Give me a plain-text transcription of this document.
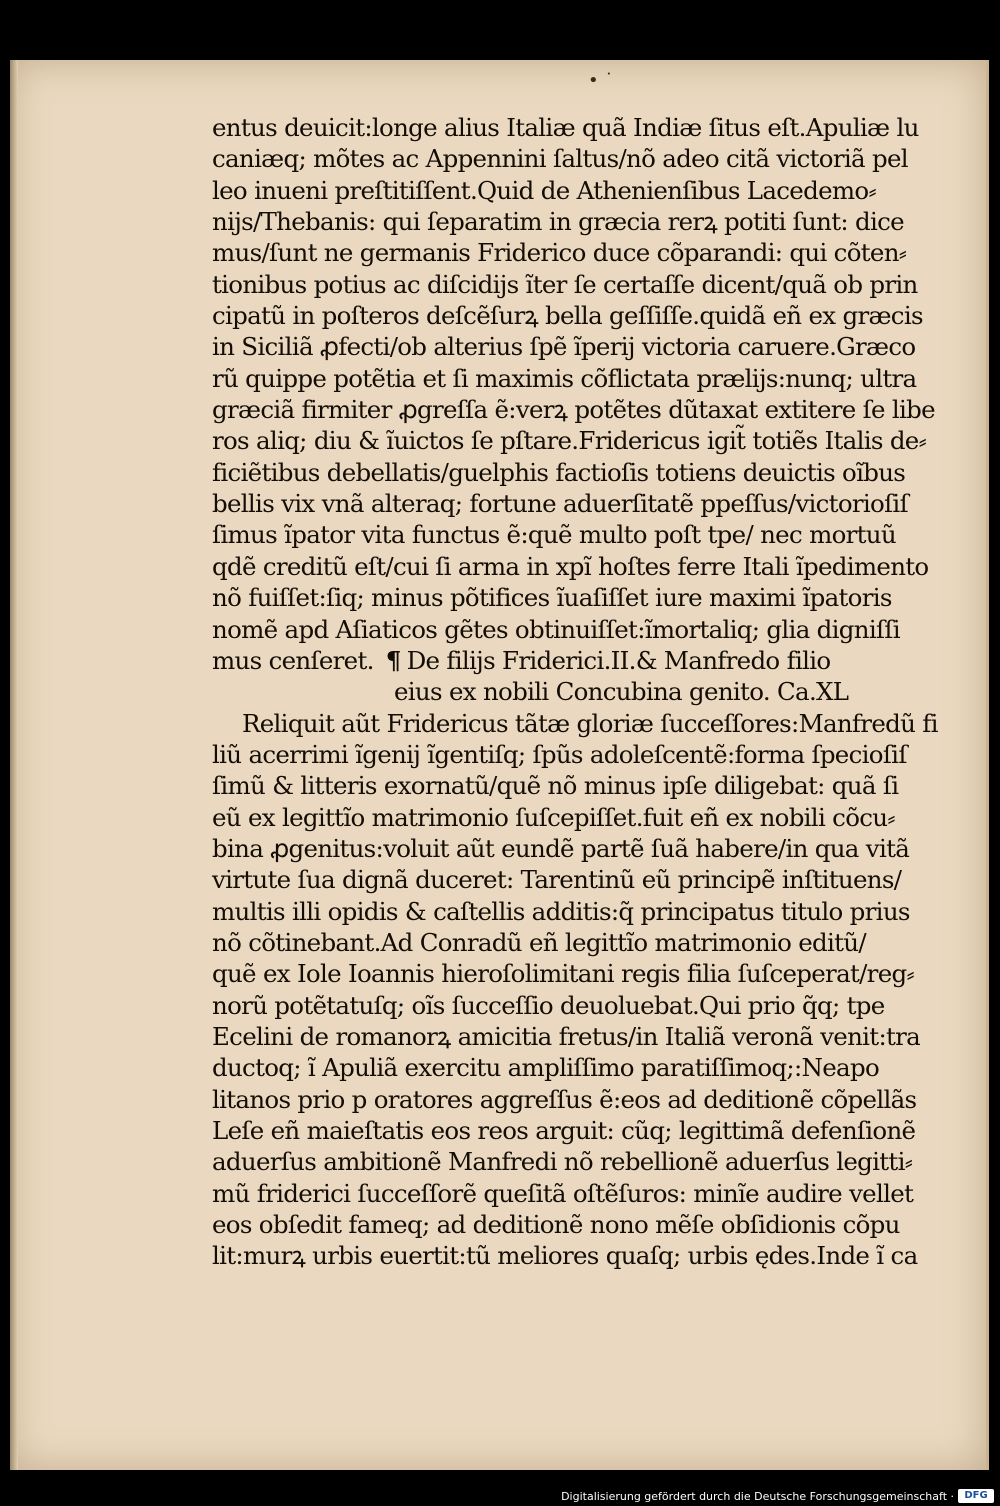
• ˙
entus deuicit:longe alius Italiæ quã Indiæ ſitus eſt.Apuliæ lu
caniæq; mõtes ac Appennini ſaltus/nõ adeo citã victoriã pel
leo inueni preſtitiſſent.Quid de Athenienſibus Lacedemo⸗
nijs/Thebanis: qui ſeparatim in græcia rerꝝ potiti ſunt: dice
mus/ſunt ne germanis Friderico duce cõparandi: qui cõten⸗
tionibus potius ac diſcidijs ĩter ſe certaſſe dicent/quã ob prin
cipatũ in poſteros deſcẽſurꝝ bella geſſiſſe.quidã eñ ex græcis
in Siciliã ꝓfecti/ob alterius ſpẽ ĩperij victoria caruere.Græco
rũ quippe potẽtia et ſi maximis cõflictata prælijs:nunq; ultra
græciã firmiter ꝓgreſſa ẽ:verꝝ potẽtes dũtaxat extitere ſe libe
ros aliq; diu & ĩuictos ſe pſtare.Fridericus igit̃ totiẽs Italis de⸗
ficiẽtibus debellatis/guelphis factioſis totiens deuictis oĩbus
bellis vix vnã alteraq; fortune aduerſitatẽ ppeſſus/victorioſiſ
ſimus ĩpator vita functus ẽ:quẽ multo poſt tpe/ nec mortuũ
qdẽ creditũ eſt/cui ſi arma in xpĩ hoſtes ferre Itali ĩpedimento
nõ fuiſſet:ſiq; minus põtifices ĩuaſiſſet iure maximi ĩpatoris
nomẽ apd Aſiaticos gẽtes obtinuiſſet:ĩmortaliq; glia digniſſi
mus cenſeret. ¶ De filijs Friderici.II.& Manfredo filio
eius ex nobili Concubina genito. Ca.XL
Reliquit aũt Fridericus tãtæ gloriæ ſucceſſores:Manfredũ fi
liũ acerrimi ĩgenij ĩgentiſq; ſpũs adoleſcentẽ:forma ſpecioſiſ
ſimũ & litteris exornatũ/quẽ nõ minus ipſe diligebat: quã ſi
eũ ex legittĩo matrimonio ſuſcepiſſet.fuit eñ ex nobili cõcu⸗
bina ꝓgenitus:voluit aũt eundẽ partẽ ſuã habere/in qua vitã
virtute ſua dignã duceret: Tarentinũ eũ principẽ inſtituens/
multis illi opidis & caſtellis additis:q̃ principatus titulo prius
nõ cõtinebant.Ad Conradũ eñ legittĩo matrimonio editũ/
quẽ ex Iole Ioannis hieroſolimitani regis filia ſuſceperat/reg⸗
norũ potẽtatuſq; oĩs ſucceſſio deuoluebat.Qui prio q̃q; tpe
Ecelini de romanorꝝ amicitia fretus/in Italiã veronã venit:tra
ductoq; ĩ Apuliã exercitu ampliſſimo paratiſſimoq;:Neapo
litanos prio p oratores aggreſſus ẽ:eos ad deditionẽ cõpellãs
Leſe eñ maieſtatis eos reos arguit: cũq; legittimã defenſionẽ
aduerſus ambitionẽ Manfredi nõ rebellionẽ aduerſus legitti⸗
mũ friderici ſucceſſorẽ queſitã oſtẽſuros: minĩe audire vellet
eos obſedit fameq; ad deditionẽ nono mẽſe obſidionis cõpu
lit:murꝝ urbis euertit:tũ meliores quaſq; urbis ędes.Inde ĩ ca
Digitalisierung gefördert durch die Deutsche Forschungsgemeinschaft ·	DFG
